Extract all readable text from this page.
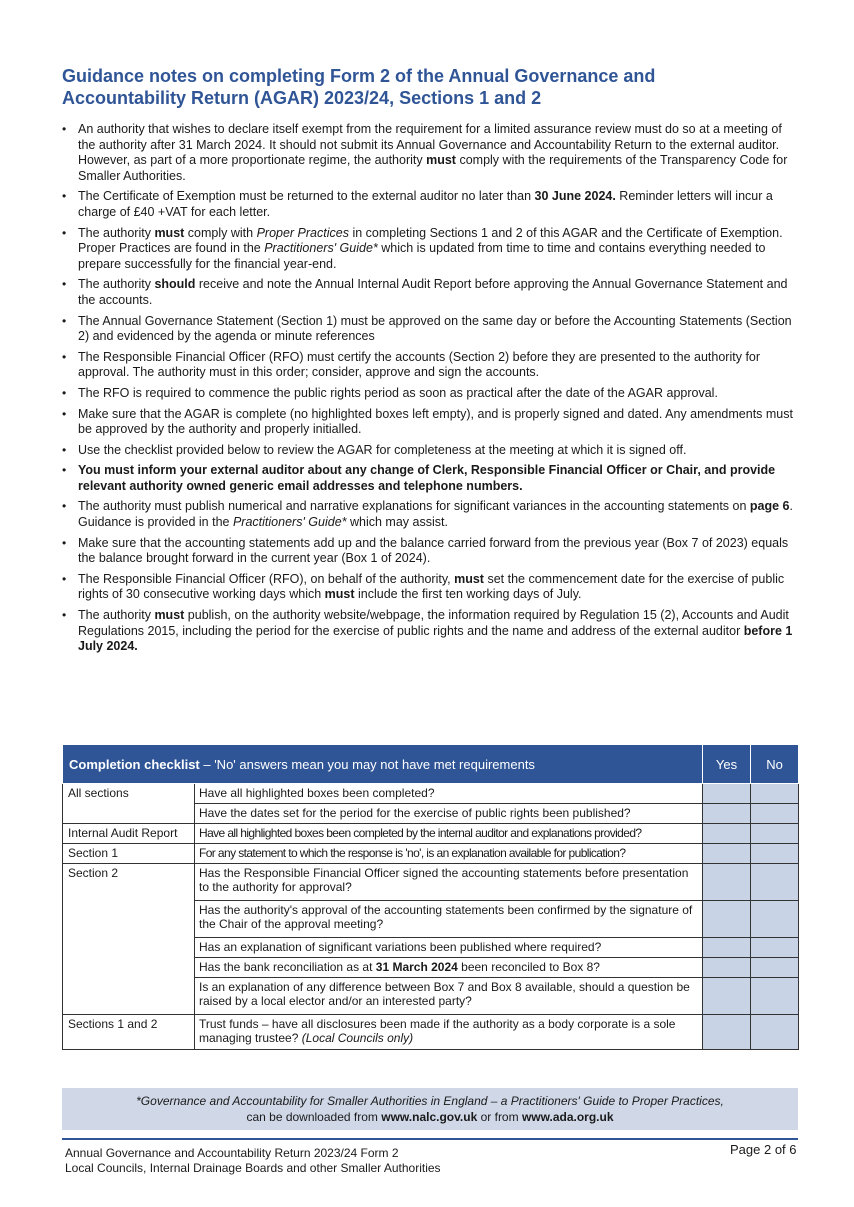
Guidance notes on completing Form 2 of the Annual Governance and Accountability Return (AGAR) 2023/24, Sections 1 and 2
• An authority that wishes to declare itself exempt from the requirement for a limited assurance review must do so at a meeting of the authority after 31 March 2024. It should not submit its Annual Governance and Accountability Return to the external auditor. However, as part of a more proportionate regime, the authority must comply with the requirements of the Transparency Code for Smaller Authorities.
• The Certificate of Exemption must be returned to the external auditor no later than 30 June 2024. Reminder letters will incur a charge of £40 +VAT for each letter.
• The authority must comply with Proper Practices in completing Sections 1 and 2 of this AGAR and the Certificate of Exemption. Proper Practices are found in the Practitioners' Guide* which is updated from time to time and contains everything needed to prepare successfully for the financial year-end.
• The authority should receive and note the Annual Internal Audit Report before approving the Annual Governance Statement and the accounts.
• The Annual Governance Statement (Section 1) must be approved on the same day or before the Accounting Statements (Section 2) and evidenced by the agenda or minute references
• The Responsible Financial Officer (RFO) must certify the accounts (Section 2) before they are presented to the authority for approval. The authority must in this order; consider, approve and sign the accounts.
• The RFO is required to commence the public rights period as soon as practical after the date of the AGAR approval.
• Make sure that the AGAR is complete (no highlighted boxes left empty), and is properly signed and dated. Any amendments must be approved by the authority and properly initialled.
• Use the checklist provided below to review the AGAR for completeness at the meeting at which it is signed off.
• You must inform your external auditor about any change of Clerk, Responsible Financial Officer or Chair, and provide relevant authority owned generic email addresses and telephone numbers.
• The authority must publish numerical and narrative explanations for significant variances in the accounting statements on page 6. Guidance is provided in the Practitioners' Guide* which may assist.
• Make sure that the accounting statements add up and the balance carried forward from the previous year (Box 7 of 2023) equals the balance brought forward in the current year (Box 1 of 2024).
• The Responsible Financial Officer (RFO), on behalf of the authority, must set the commencement date for the exercise of public rights of 30 consecutive working days which must include the first ten working days of July.
• The authority must publish, on the authority website/webpage, the information required by Regulation 15 (2), Accounts and Audit Regulations 2015, including the period for the exercise of public rights and the name and address of the external auditor before 1 July 2024.
Completion checklist – 'No' answers mean you may not have met requirements		Yes	No
All sections	Have all highlighted boxes been completed?		
	Have the dates set for the period for the exercise of public rights been published?		
Internal Audit Report	Have all highlighted boxes been completed by the internal auditor and explanations provided?		
Section 1	For any statement to which the response is 'no', is an explanation available for publication?		
Section 2	Has the Responsible Financial Officer signed the accounting statements before presentation to the authority for approval?		
	Has the authority's approval of the accounting statements been confirmed by the signature of the Chair of the approval meeting?		
	Has an explanation of significant variations been published where required?		
	Has the bank reconciliation as at 31 March 2024 been reconciled to Box 8?		
	Is an explanation of any difference between Box 7 and Box 8 available, should a question be raised by a local elector and/or an interested party?		
Sections 1 and 2	Trust funds – have all disclosures been made if the authority as a body corporate is a sole managing trustee? (Local Councils only)		
*Governance and Accountability for Smaller Authorities in England – a Practitioners' Guide to Proper Practices,
can be downloaded from www.nalc.gov.uk or from www.ada.org.uk
Annual Governance and Accountability Return 2023/24 Form 2
Local Councils, Internal Drainage Boards and other Smaller Authorities
Page 2 of 6
